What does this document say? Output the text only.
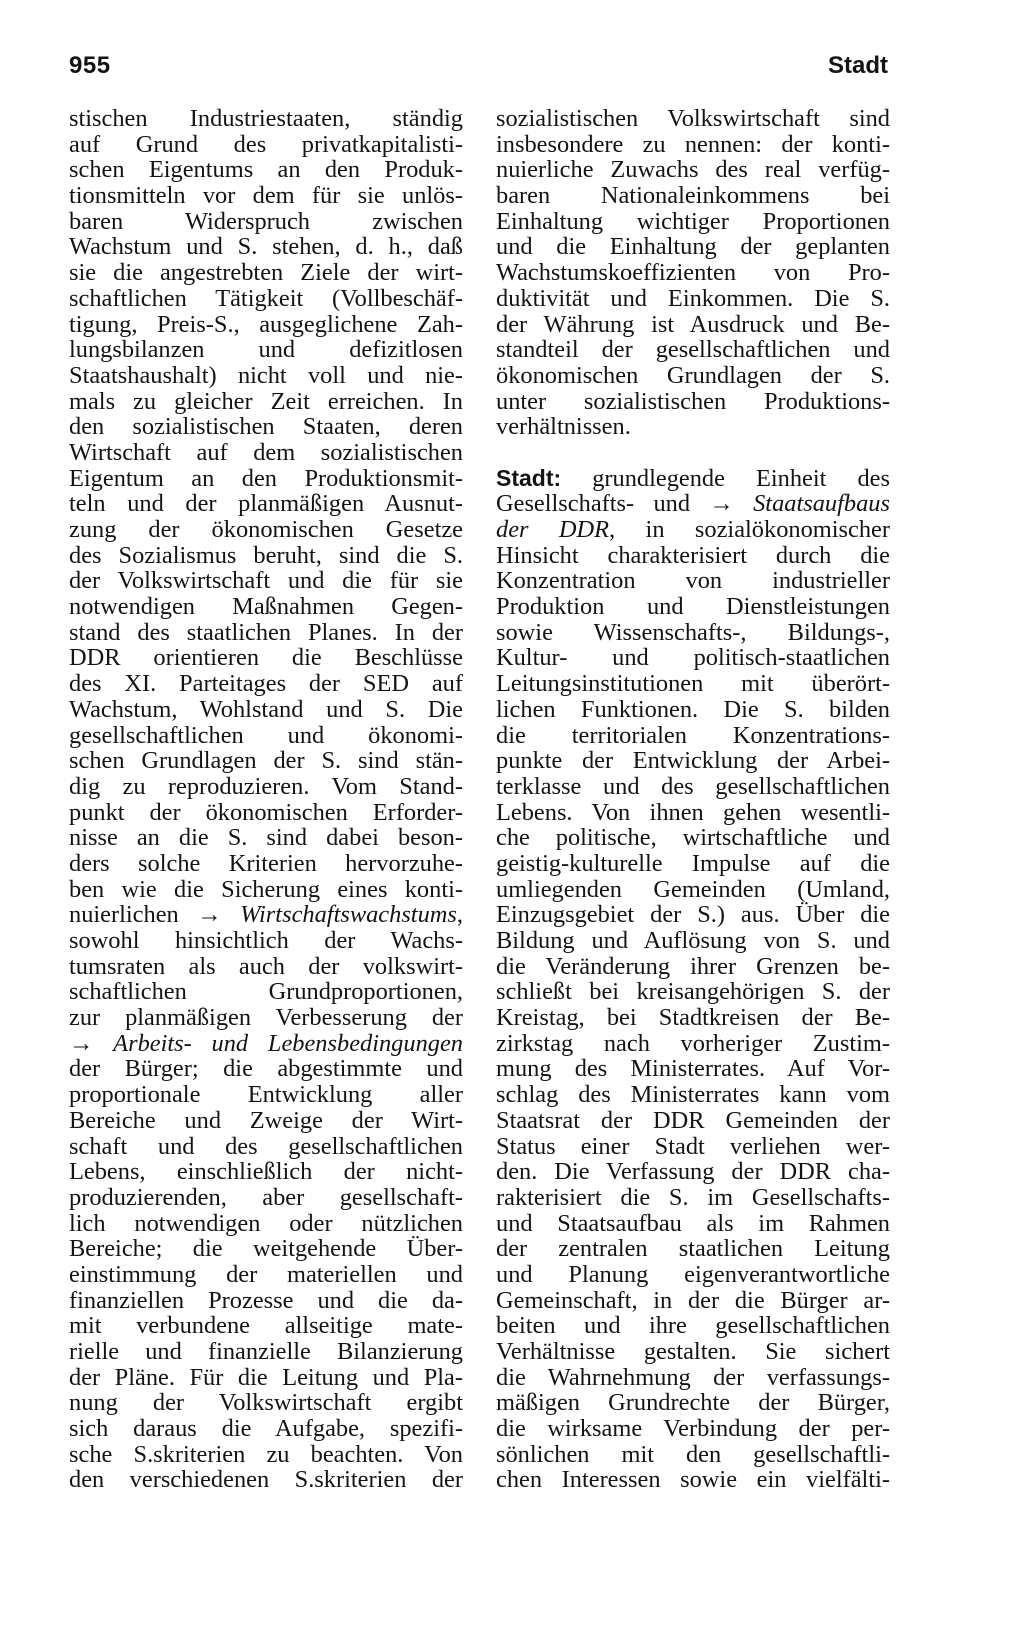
955	Stadt
stischen Industriestaaten, ständig
auf Grund des privatkapitalisti-
schen Eigentums an den Produk-
tionsmitteln vor dem für sie unlös-
baren Widerspruch zwischen
Wachstum und S. stehen, d. h., daß
sie die angestrebten Ziele der wirt-
schaftlichen Tätigkeit (Vollbeschäf-
tigung, Preis-S., ausgeglichene Zah-
lungsbilanzen und defizitlosen
Staatshaushalt) nicht voll und nie-
mals zu gleicher Zeit erreichen. In
den sozialistischen Staaten, deren
Wirtschaft auf dem sozialistischen
Eigentum an den Produktionsmit-
teln und der planmäßigen Ausnut-
zung der ökonomischen Gesetze
des Sozialismus beruht, sind die S.
der Volkswirtschaft und die für sie
notwendigen Maßnahmen Gegen-
stand des staatlichen Planes. In der
DDR orientieren die Beschlüsse
des XI. Parteitages der SED auf
Wachstum, Wohlstand und S. Die
gesellschaftlichen und ökonomi-
schen Grundlagen der S. sind stän-
dig zu reproduzieren. Vom Stand-
punkt der ökonomischen Erforder-
nisse an die S. sind dabei beson-
ders solche Kriterien hervorzuhe-
ben wie die Sicherung eines konti-
nuierlichen → Wirtschaftswachstums,
sowohl hinsichtlich der Wachs-
tumsraten als auch der volkswirt-
schaftlichen Grundproportionen,
zur planmäßigen Verbesserung der
→ Arbeits- und Lebensbedingungen
der Bürger; die abgestimmte und
proportionale Entwicklung aller
Bereiche und Zweige der Wirt-
schaft und des gesellschaftlichen
Lebens, einschließlich der nicht-
produzierenden, aber gesellschaft-
lich notwendigen oder nützlichen
Bereiche; die weitgehende Über-
einstimmung der materiellen und
finanziellen Prozesse und die da-
mit verbundene allseitige mate-
rielle und finanzielle Bilanzierung
der Pläne. Für die Leitung und Pla-
nung der Volkswirtschaft ergibt
sich daraus die Aufgabe, spezifi-
sche S.skriterien zu beachten. Von
den verschiedenen S.skriterien der
sozialistischen Volkswirtschaft sind
insbesondere zu nennen: der konti-
nuierliche Zuwachs des real verfüg-
baren Nationaleinkommens bei
Einhaltung wichtiger Proportionen
und die Einhaltung der geplanten
Wachstumskoeffizienten von Pro-
duktivität und Einkommen. Die S.
der Währung ist Ausdruck und Be-
standteil der gesellschaftlichen und
ökonomischen Grundlagen der S.
unter sozialistischen Produktions-
verhältnissen.
Stadt: grundlegende Einheit des
Gesellschafts- und → Staatsaufbaus
der DDR, in sozialökonomischer
Hinsicht charakterisiert durch die
Konzentration von industrieller
Produktion und Dienstleistungen
sowie Wissenschafts-, Bildungs-,
Kultur- und politisch-staatlichen
Leitungsinstitutionen mit überört-
lichen Funktionen. Die S. bilden
die territorialen Konzentrations-
punkte der Entwicklung der Arbei-
terklasse und des gesellschaftlichen
Lebens. Von ihnen gehen wesentli-
che politische, wirtschaftliche und
geistig-kulturelle Impulse auf die
umliegenden Gemeinden (Umland,
Einzugsgebiet der S.) aus. Über die
Bildung und Auflösung von S. und
die Veränderung ihrer Grenzen be-
schließt bei kreisangehörigen S. der
Kreistag, bei Stadtkreisen der Be-
zirkstag nach vorheriger Zustim-
mung des Ministerrates. Auf Vor-
schlag des Ministerrates kann vom
Staatsrat der DDR Gemeinden der
Status einer Stadt verliehen wer-
den. Die Verfassung der DDR cha-
rakterisiert die S. im Gesellschafts-
und Staatsaufbau als im Rahmen
der zentralen staatlichen Leitung
und Planung eigenverantwortliche
Gemeinschaft, in der die Bürger ar-
beiten und ihre gesellschaftlichen
Verhältnisse gestalten. Sie sichert
die Wahrnehmung der verfassungs-
mäßigen Grundrechte der Bürger,
die wirksame Verbindung der per-
sönlichen mit den gesellschaftli-
chen Interessen sowie ein vielfälti-
